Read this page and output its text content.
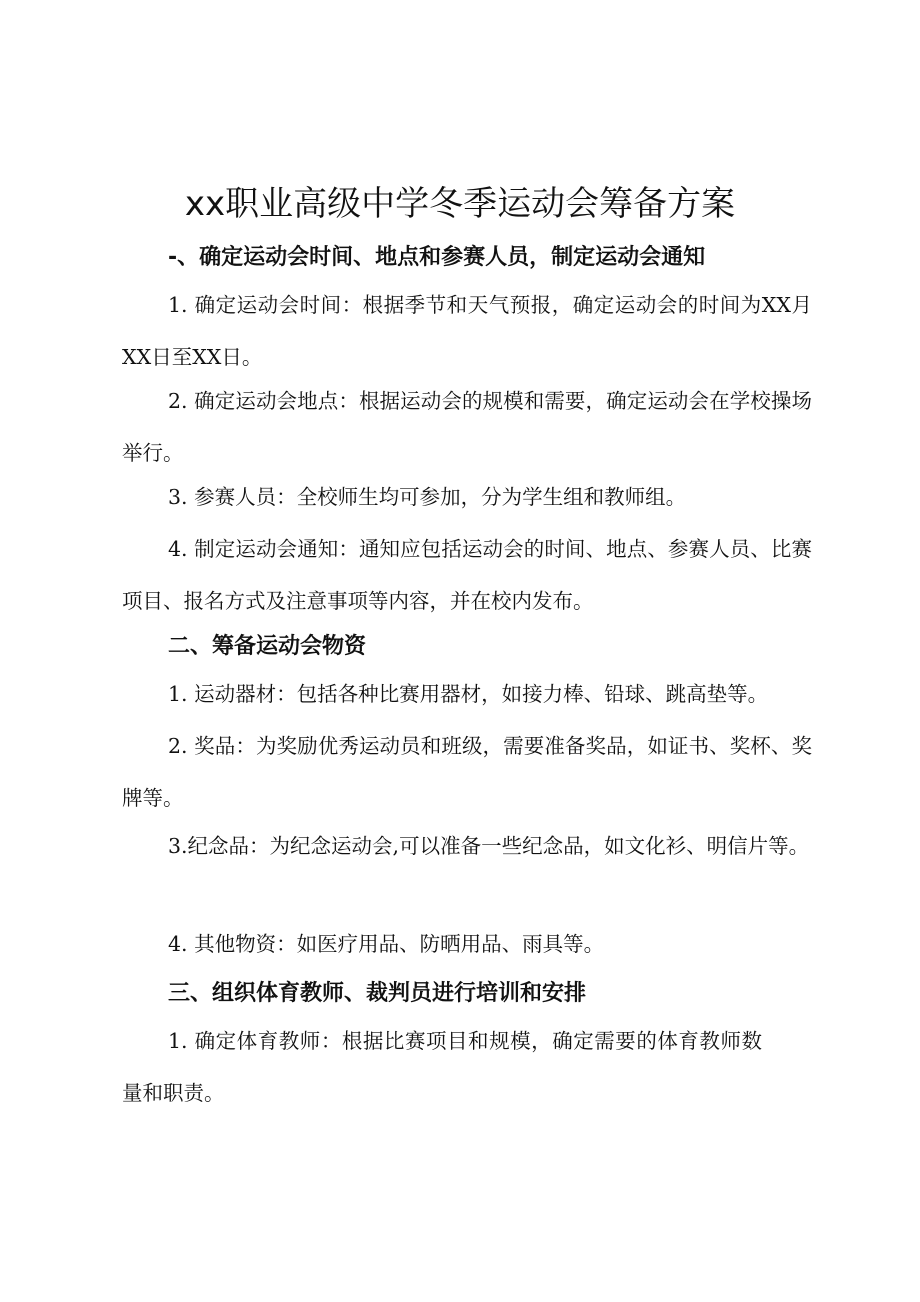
xx职业高级中学冬季运动会筹备方案
-、确定运动会时间、地点和参赛人员，制定运动会通知

1. 确定运动会时间：根据季节和天气预报，确定运动会的时间为XX月XX日至XX日。

2. 确定运动会地点：根据运动会的规模和需要，确定运动会在学校操场举行。

3. 参赛人员：全校师生均可参加，分为学生组和教师组。

4. 制定运动会通知：通知应包括运动会的时间、地点、参赛人员、比赛项目、报名方式及注意事项等内容，并在校内发布。

二、筹备运动会物资

1. 运动器材：包括各种比赛用器材，如接力棒、铅球、跳高垫等。

2. 奖品：为奖励优秀运动员和班级，需要准备奖品，如证书、奖杯、奖牌等。

3.纪念品：为纪念运动会,可以准备一些纪念品，如文化衫、明信片等。

4. 其他物资：如医疗用品、防晒用品、雨具等。

三、组织体育教师、裁判员进行培训和安排

1. 确定体育教师：根据比赛项目和规模，确定需要的体育教师数量和职责。
